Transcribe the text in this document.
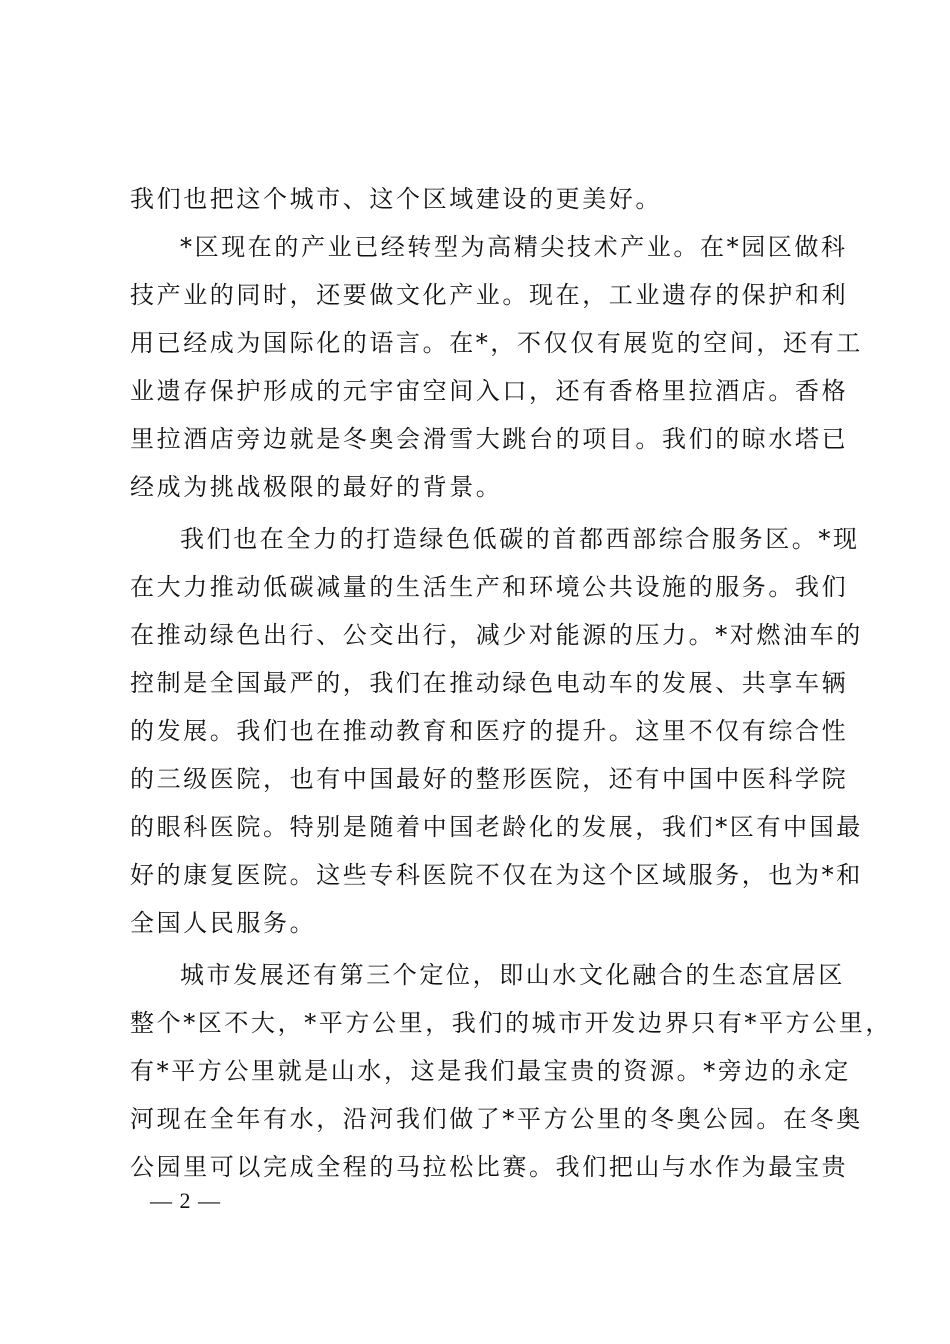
我们也把这个城市、这个区域建设的更美好。
*区现在的产业已经转型为高精尖技术产业。在*园区做科
技产业的同时，还要做文化产业。现在，工业遗存的保护和利
用已经成为国际化的语言。在*，不仅仅有展览的空间，还有工
业遗存保护形成的元宇宙空间入口，还有香格里拉酒店。香格
里拉酒店旁边就是冬奥会滑雪大跳台的项目。我们的晾水塔已
经成为挑战极限的最好的背景。
我们也在全力的打造绿色低碳的首都西部综合服务区。*现
在大力推动低碳减量的生活生产和环境公共设施的服务。我们
在推动绿色出行、公交出行，减少对能源的压力。*对燃油车的
控制是全国最严的，我们在推动绿色电动车的发展、共享车辆
的发展。我们也在推动教育和医疗的提升。这里不仅有综合性
的三级医院，也有中国最好的整形医院，还有中国中医科学院
的眼科医院。特别是随着中国老龄化的发展，我们*区有中国最
好的康复医院。这些专科医院不仅在为这个区域服务，也为*和
全国人民服务。
城市发展还有第三个定位，即山水文化融合的生态宜居区
整个*区不大，*平方公里，我们的城市开发边界只有*平方公里，
有*平方公里就是山水，这是我们最宝贵的资源。*旁边的永定
河现在全年有水，沿河我们做了*平方公里的冬奥公园。在冬奥
公园里可以完成全程的马拉松比赛。我们把山与水作为最宝贵
— 2 —
